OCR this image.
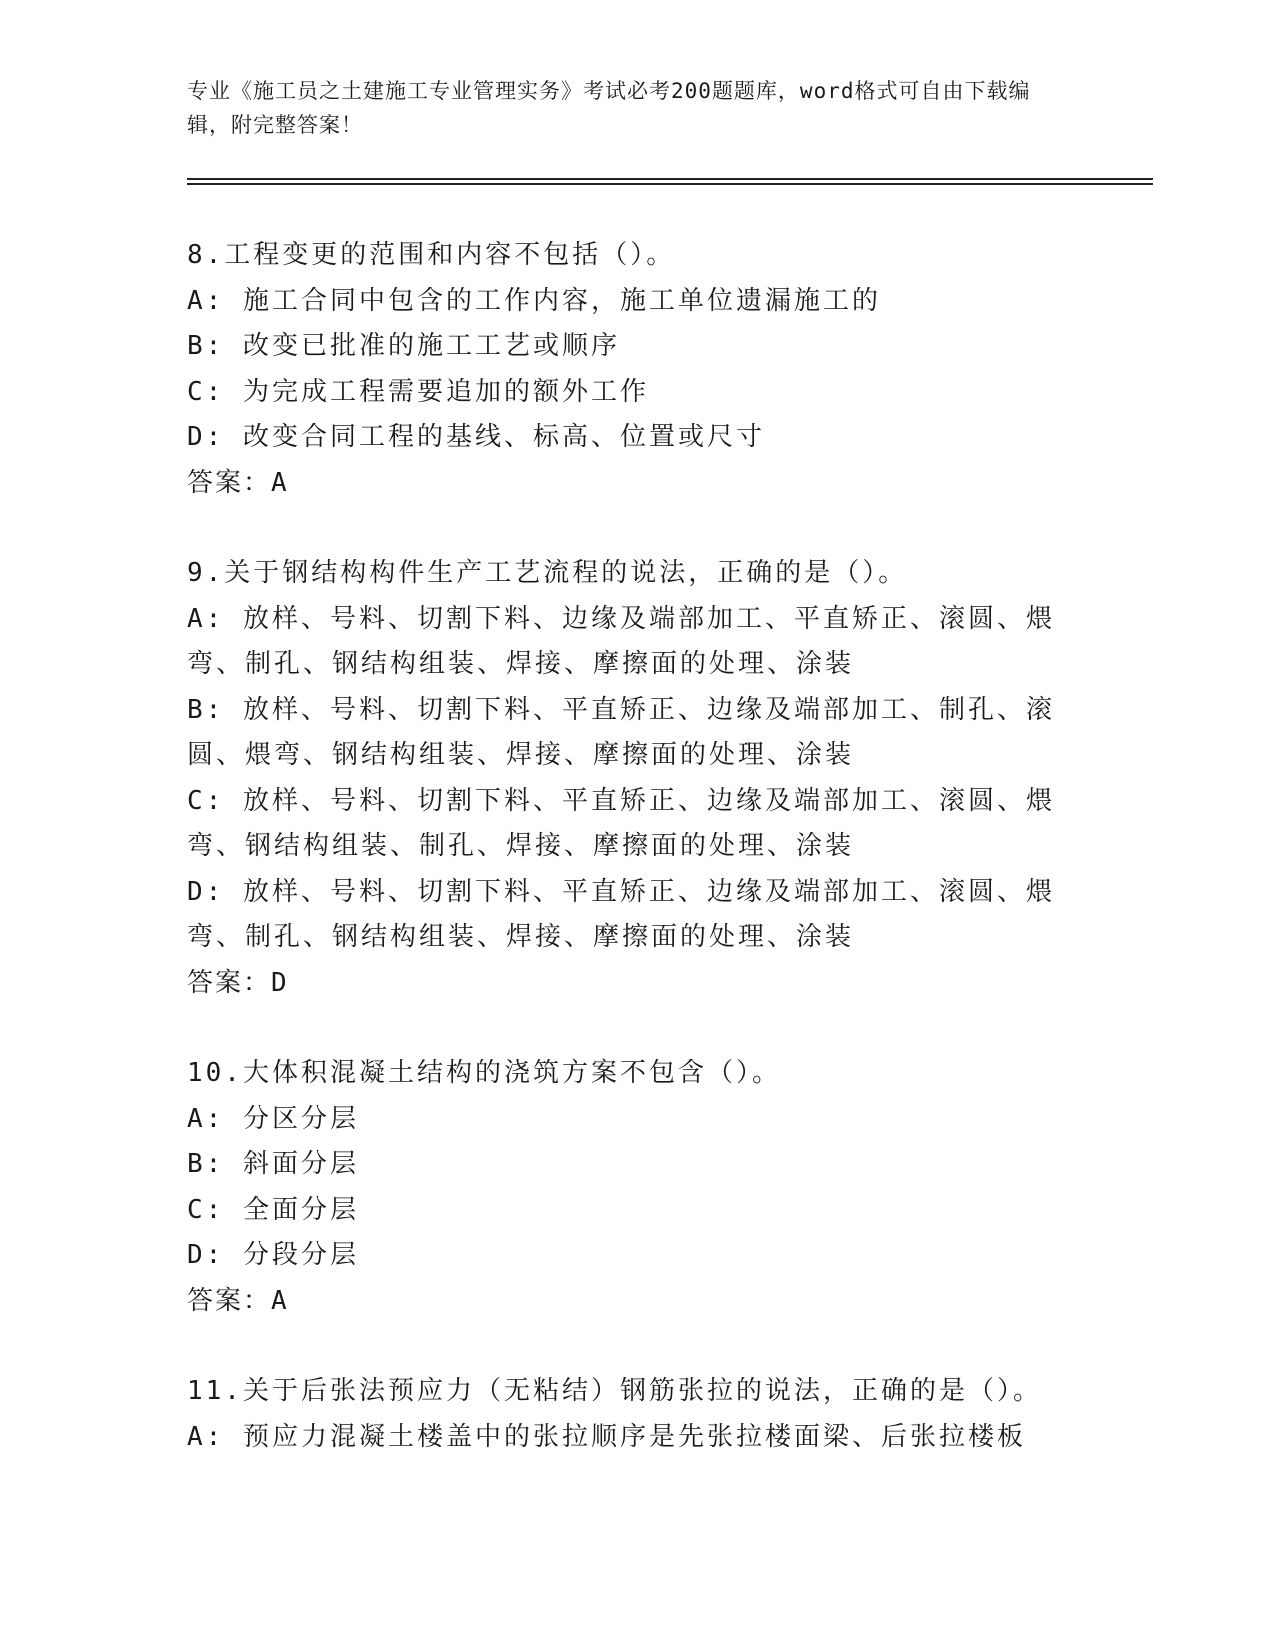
专业《施工员之土建施工专业管理实务》考试必考200题题库，word格式可自由下载编辑，附完整答案！

8.工程变更的范围和内容不包括（）。

A: 施工合同中包含的工作内容，施工单位遗漏施工的

B: 改变已批准的施工工艺或顺序

C: 为完成工程需要追加的额外工作

D: 改变合同工程的基线、标高、位置或尺寸

答案：A

9.关于钢结构构件生产工艺流程的说法，正确的是（）。

A: 放样、号料、切割下料、边缘及端部加工、平直矫正、滚圆、煨弯、制孔、钢结构组装、焊接、摩擦面的处理、涂装

B: 放样、号料、切割下料、平直矫正、边缘及端部加工、制孔、滚圆、煨弯、钢结构组装、焊接、摩擦面的处理、涂装

C: 放样、号料、切割下料、平直矫正、边缘及端部加工、滚圆、煨弯、钢结构组装、制孔、焊接、摩擦面的处理、涂装

D: 放样、号料、切割下料、平直矫正、边缘及端部加工、滚圆、煨弯、制孔、钢结构组装、焊接、摩擦面的处理、涂装

答案：D

10.大体积混凝土结构的浇筑方案不包含（）。

A: 分区分层

B: 斜面分层

C: 全面分层

D: 分段分层

答案：A

11.关于后张法预应力（无粘结）钢筋张拉的说法，正确的是（）。

A: 预应力混凝土楼盖中的张拉顺序是先张拉楼面梁、后张拉楼板
